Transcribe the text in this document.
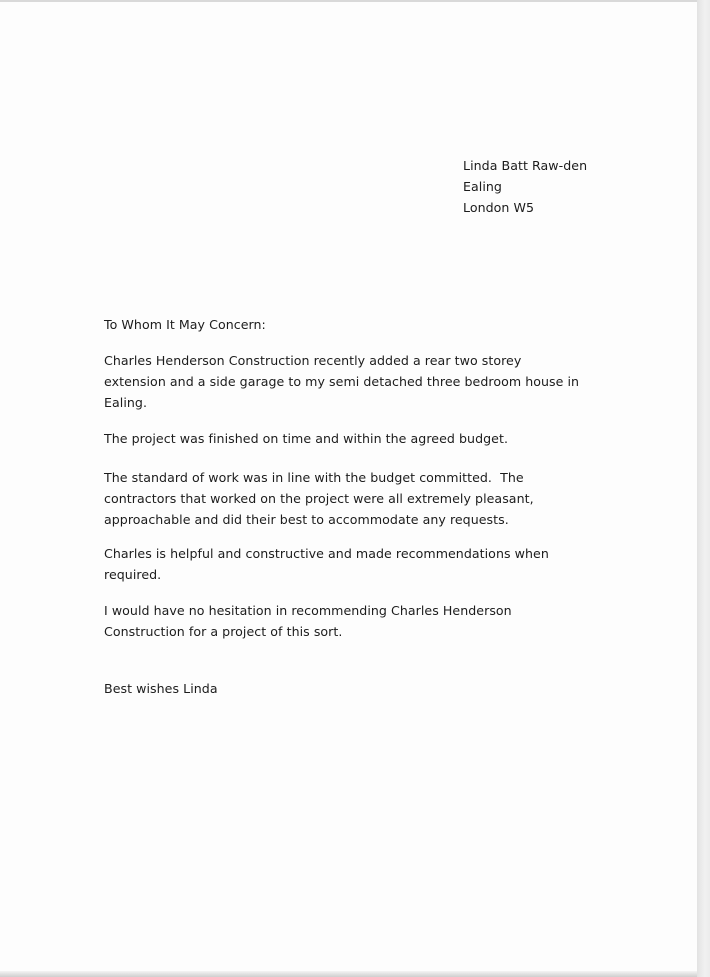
Linda Batt Raw-den
Ealing
London W5
To Whom It May Concern:
Charles Henderson Construction recently added a rear two storey
extension and a side garage to my semi detached three bedroom house in
Ealing.
The project was finished on time and within the agreed budget.
The standard of work was in line with the budget committed.  The
contractors that worked on the project were all extremely pleasant,
approachable and did their best to accommodate any requests.
Charles is helpful and constructive and made recommendations when
required.
I would have no hesitation in recommending Charles Henderson
Construction for a project of this sort.
Best wishes Linda
